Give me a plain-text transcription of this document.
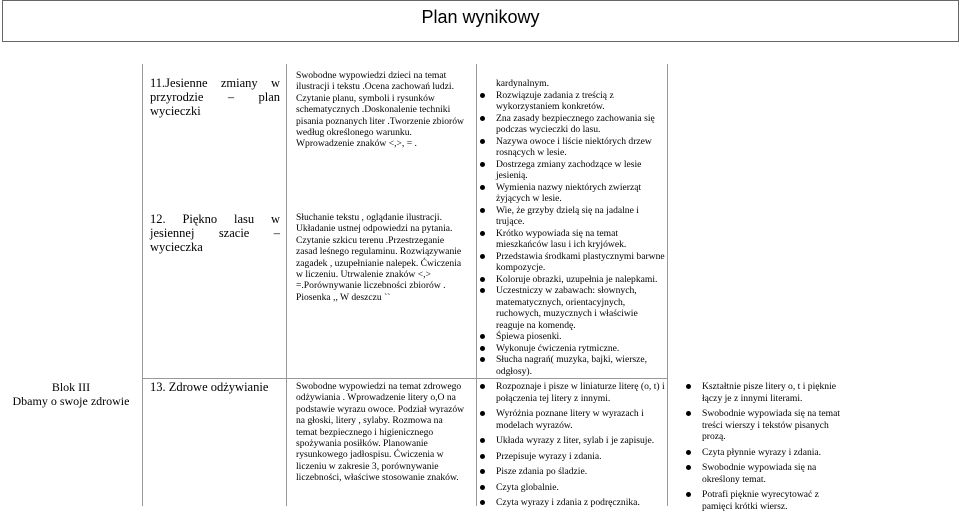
Plan wynikowy
Blok III
Dbamy o swoje zdrowie
11.Jesienne zmiany w przyrodzie – plan wycieczki
12. Piękno lasu w jesiennej szacie – wycieczka
13. Zdrowe odżywianie
Swobodne wypowiedzi dzieci na temat ilustracji i tekstu .Ocena zachowań ludzi. Czytanie planu, symboli i rysunków schematycznych .Doskonalenie techniki pisania poznanych liter .Tworzenie zbiorów według określonego warunku. Wprowadzenie znaków <,>, = .
Słuchanie tekstu , oglądanie ilustracji. Układanie ustnej odpowiedzi na pytania. Czytanie szkicu terenu .Przestrzeganie zasad leśnego regulaminu. Rozwiązywanie zagadek , uzupełnianie nalepek. Ćwiczenia w liczeniu. Utrwalenie znaków <,> =.Porównywanie liczebności zbiorów . Piosenka ,, W deszczu ``
Swobodne wypowiedzi na temat zdrowego odżywiania . Wprowadzenie litery o,O na podstawie wyrazu owoce. Podział wyrazów na głoski, litery , sylaby. Rozmowa na temat bezpiecznego i higienicznego spożywania posiłków. Planowanie rysunkowego jadłospisu. Ćwiczenia w liczeniu w zakresie 3, porównywanie liczebności, właściwe stosowanie znaków.
kardynalnym.
Rozwiązuje zadania z treścią z wykorzystaniem konkretów.
Zna zasady bezpiecznego zachowania się podczas wycieczki do lasu.
Nazywa owoce i liście niektórych drzew rosnących w lesie.
Dostrzega zmiany zachodzące w lesie jesienią.
Wymienia nazwy niektórych zwierząt żyjących w lesie.
Wie, że grzyby dzielą się na jadalne i trujące.
Krótko wypowiada się na temat mieszkańców lasu i ich kryjówek.
Przedstawia środkami plastycznymi barwne kompozycje.
Koloruje obrazki, uzupełnia je nalepkami.
Uczestniczy w zabawach: słownych, matematycznych, orientacyjnych, ruchowych, muzycznych i właściwie reaguje na komendę.
Śpiewa piosenki.
Wykonuje ćwiczenia rytmiczne.
Słucha nagrań( muzyka, bajki, wiersze, odgłosy).
Rozpoznaje i pisze w liniaturze literę (o, t) i połączenia tej litery z innymi.
Wyróżnia poznane litery w wyrazach i modelach wyrazów.
Układa wyrazy z liter, sylab i je zapisuje.
Przepisuje wyrazy i zdania.
Pisze zdania po śladzie.
Czyta globalnie.
Czyta wyrazy i zdania z podręcznika.
Kształtnie pisze litery o, t i pięknie łączy je z innymi literami.
Swobodnie wypowiada się na temat treści wierszy i tekstów pisanych prozą.
Czyta płynnie wyrazy i zdania.
Swobodnie wypowiada się na określony temat.
Potrafi pięknie wyrecytować z pamięci krótki wiersz.
